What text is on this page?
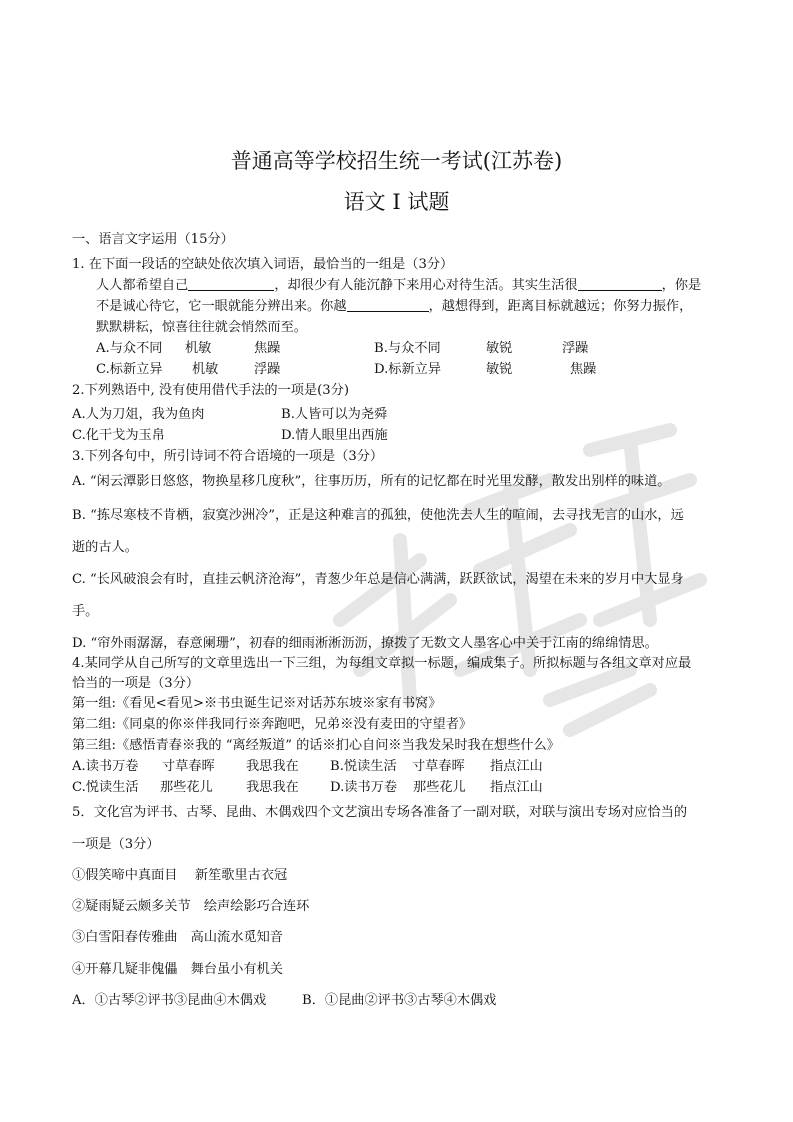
普通高等学校招生统一考试(江苏卷)
语文 I 试题
一、语言文字运用（15分）
1. 在下面一段话的空缺处依次填入词语，最恰当的一组是（3分）
人人都希望自己	，却很少有人能沉静下来用心对待生活。其实生活很	，你是
不是诚心待它，它一眼就能分辨出来。你越	，越想得到，距离目标就越远；你努力振作，
默默耕耘，惊喜往往就会悄然而至。
A.与众不同 机敏	焦躁	B.与众不同	敏锐	浮躁
C.标新立异 机敏	浮躁	D.标新立异	敏锐	焦躁
2.下列熟语中, 没有使用借代手法的一项是(3分)
A.人为刀俎，我为鱼肉	B.人皆可以为尧舜
C.化干戈为玉帛	D.情人眼里出西施
3.下列各句中，所引诗词不符合语境的一项是（3分）
A. “闲云潭影日悠悠，物换星移几度秋”，往事历历，所有的记忆都在时光里发酵，散发出别样的味道。
B. “拣尽寒枝不肯栖，寂寞沙洲冷”，正是这种难言的孤独，使他洗去人生的喧闹，去寻找无言的山水，远
逝的古人。
C. “长风破浪会有时，直挂云帆济沧海”，青葱少年总是信心满满，跃跃欲试，渴望在未来的岁月中大显身
手。
D. “帘外雨潺潺，春意阑珊”，初春的细雨淅淅沥沥，撩拨了无数文人墨客心中关于江南的绵绵情思。
4.某同学从自己所写的文章里选出一下三组，为每组文章拟一标题，编成集子。所拟标题与各组文章对应最
恰当的一项是（3分）
第一组:《看见<看见>※书虫诞生记※对话苏东坡※家有书窝》
第二组:《同桌的你※伴我同行※奔跑吧，兄弟※没有麦田的守望者》
第三组:《感悟青春※我的 “离经叛道” 的话※扪心自问※当我发呆时我在想些什么》
A.读书万卷 寸草春晖 我思我在 B.悦读生活 寸草春晖 指点江山
C.悦读生活 那些花儿	我思我在 D.读书万卷 那些花儿 指点江山
5．文化宫为评书、古琴、昆曲、木偶戏四个文艺演出专场各准备了一副对联，对联与演出专场对应恰当的
一项是（3分）
①假笑啼中真面目　 新笙歌里古衣冠
②疑雨疑云颇多关节　绘声绘影巧合连环
③白雪阳春传雅曲　高山流水觅知音
④开幕几疑非傀儡　舞台虽小有机关
A．①古琴②评书③昆曲④木偶戏	B．①昆曲②评书③古琴④木偶戏
